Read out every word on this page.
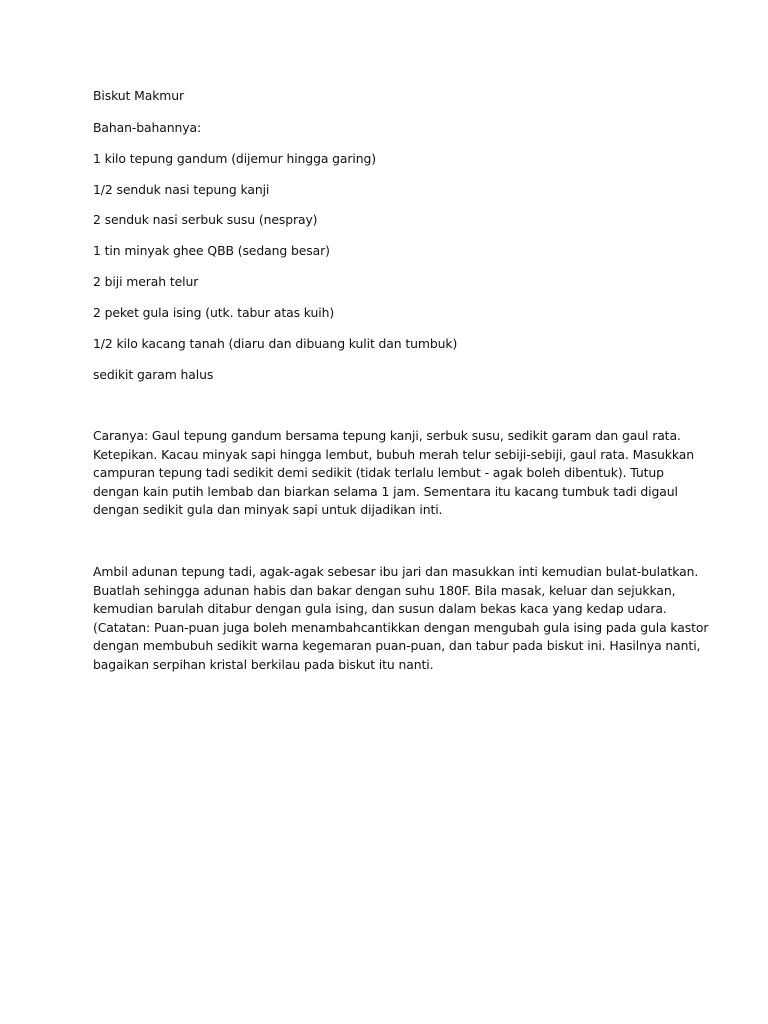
Biskut Makmur
Bahan-bahannya:
1 kilo tepung gandum (dijemur hingga garing)
1/2 senduk nasi tepung kanji
2 senduk nasi serbuk susu (nespray)
1 tin minyak ghee QBB (sedang besar)
2 biji merah telur
2 peket gula ising (utk. tabur atas kuih)
1/2 kilo kacang tanah (diaru dan dibuang kulit dan tumbuk)
sedikit garam halus
Caranya: Gaul tepung gandum bersama tepung kanji, serbuk susu, sedikit garam dan gaul rata.
Ketepikan. Kacau minyak sapi hingga lembut, bubuh merah telur sebiji-sebiji, gaul rata. Masukkan
campuran tepung tadi sedikit demi sedikit (tidak terlalu lembut - agak boleh dibentuk). Tutup
dengan kain putih lembab dan biarkan selama 1 jam. Sementara itu kacang tumbuk tadi digaul
dengan sedikit gula dan minyak sapi untuk dijadikan inti.
Ambil adunan tepung tadi, agak-agak sebesar ibu jari dan masukkan inti kemudian bulat-bulatkan.
Buatlah sehingga adunan habis dan bakar dengan suhu 180F. Bila masak, keluar dan sejukkan,
kemudian barulah ditabur dengan gula ising, dan susun dalam bekas kaca yang kedap udara.
(Catatan: Puan-puan juga boleh menambahcantikkan dengan mengubah gula ising pada gula kastor
dengan membubuh sedikit warna kegemaran puan-puan, dan tabur pada biskut ini. Hasilnya nanti,
bagaikan serpihan kristal berkilau pada biskut itu nanti.
